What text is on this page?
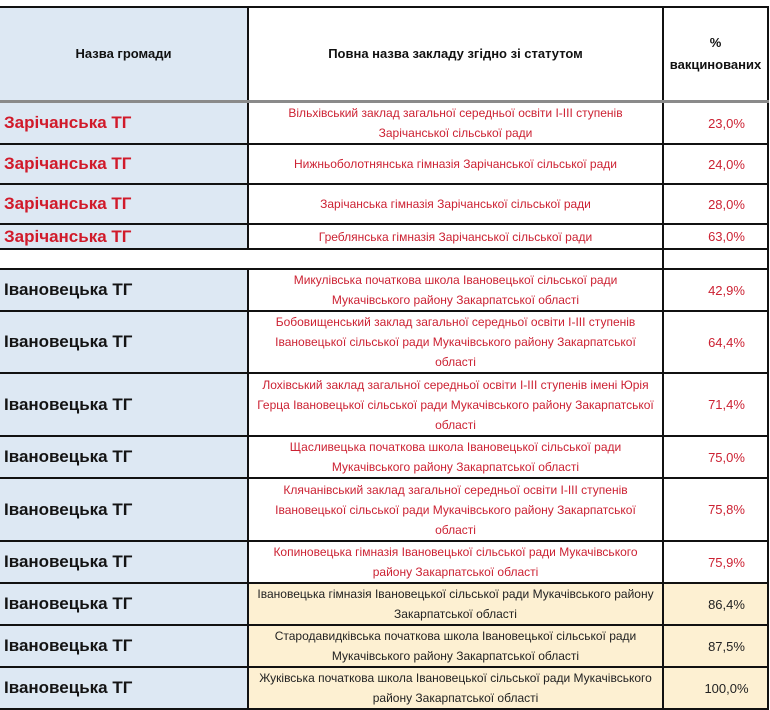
Назва громади	Повна назва закладу згідно зі статутом	%
вакцинованих

Зарічанська ТГ	Вільхівський заклад загальної середньої освіти І-ІІІ ступенів Зарічанської сільської ради	23,0%
Зарічанська ТГ	Нижньоболотнянська гімназія Зарічанської сільської ради	24,0%
Зарічанська ТГ	Зарічанська гімназія Зарічанської сільської ради	28,0%
Зарічанська ТГ	Греблянська гімназія Зарічанської сільської ради	63,0%

Івановецька ТГ	Микулівська початкова школа Івановецької сільської ради Мукачівського району Закарпатської області	42,9%
Івановецька ТГ	Бобовищенський заклад загальної середньої освіти І-ІІІ ступенів Івановецької сільської ради Мукачівського району Закарпатської області	64,4%
Івановецька ТГ	Лохівський заклад загальної середньої освіти І-ІІІ ступенів імені Юрія Герца Івановецької сільської ради Мукачівського району Закарпатської області	71,4%
Івановецька ТГ	Щасливецька початкова школа Івановецької сільської ради Мукачівського району Закарпатської області	75,0%
Івановецька ТГ	Клячанівський заклад загальної середньої освіти І-ІІІ ступенів Івановецької сільської ради Мукачівського району Закарпатської області	75,8%
Івановецька ТГ	Копиновецька гімназія Івановецької сільської ради Мукачівського району Закарпатської області	75,9%
Івановецька ТГ	Івановецька гімназія Івановецької сільської ради Мукачівського району Закарпатської області	86,4%
Івановецька ТГ	Стародавидківська початкова школа Івановецької сільської ради Мукачівського району Закарпатської області	87,5%
Івановецька ТГ	Жуківська початкова школа Івановецької сільської ради Мукачівського району Закарпатської області	100,0%
